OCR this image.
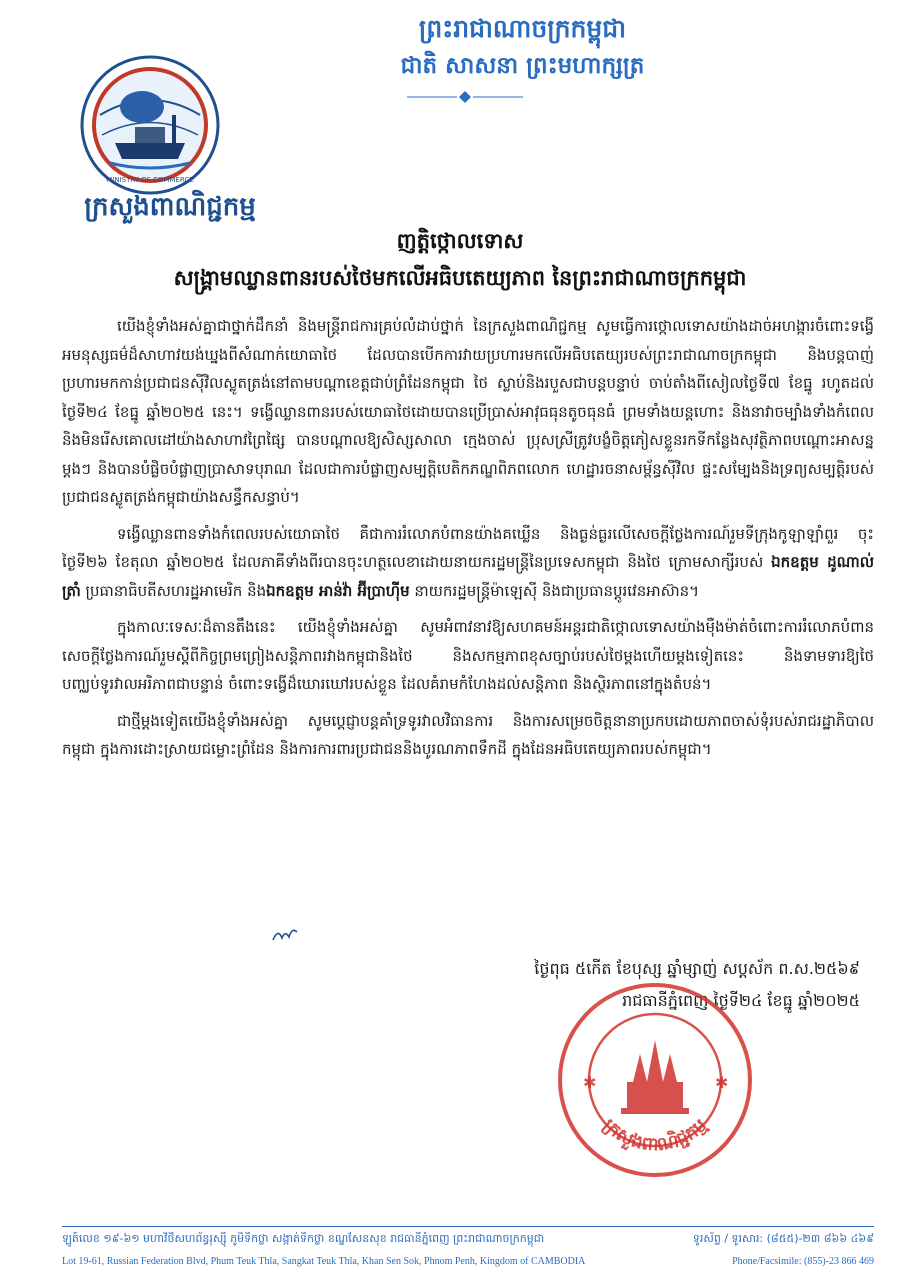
MINISTRY OF COMMERCE
ក្រសួងពាណិជ្ជកម្ម
ព្រះរាជាណាចក្រកម្ពុជា
ជាតិ សាសនា ព្រះមហាក្សត្រ
ញត្តិថ្កោលទោស
សង្គ្រាមឈ្លានពានរបស់ថៃមកលើអធិបតេយ្យភាព នៃព្រះរាជាណាចក្រកម្ពុជា

យើងខ្ញុំទាំងអស់គ្នាជាថ្នាក់ដឹកនាំ និងមន្ត្រីរាជការគ្រប់លំដាប់ថ្នាក់ នៃក្រសួងពាណិជ្ជកម្ម សូមធ្វើការថ្កោលទោសយ៉ាងដាច់អហង្ការចំពោះទង្វើអមនុស្សធម៌ដ៏សាហាវយង់ឃ្នងពីសំណាក់យោធាថៃ ដែលបានបើកការវាយប្រហារមកលើអធិបតេយ្យរបស់ព្រះរាជាណាចក្រកម្ពុជា និងបន្តបាញ់ប្រហារមកកាន់ប្រជាជនស៊ីវិលស្លូតត្រង់នៅតាមបណ្តាខេត្តជាប់ព្រំដែនកម្ពុជា ថៃ ស្លាប់និងរបួសជាបន្តបន្ទាប់ ចាប់តាំងពីសៀលថ្ងៃទី៧ ខែធ្នូ រហូតដល់ថ្ងៃទី២៤ ខែធ្នូ ឆ្នាំ២០២៥ នេះ។ ទង្វើឈ្លានពានរបស់យោធាថៃដោយបានប្រើប្រាស់អាវុធធុនតូចធុនធំ ព្រមទាំងយន្តហោះ និងនាវាចម្បាំងទាំងកំពេលនិងមិនរើសគោលដៅយ៉ាងសាហាវព្រៃផ្សៃ បានបណ្តាលឱ្យសិស្សសាលា ក្មេងចាស់ ប្រុសស្រីត្រូវបង្ខំចិត្តភៀសខ្លួនរកទីកន្លែងសុវត្ថិភាពបណ្តោះអាសន្នម្តងៗ និងបានបំផ្លិចបំផ្លាញប្រាសាទបុរាណ ដែលជាការបំផ្លាញសម្បត្តិបេតិកភណ្ឌពិភពលោក ហេដ្ឋារចនាសម្ព័ន្ធស៊ីវិល ផ្ទះសម្បែងនិងទ្រព្យសម្បត្តិរបស់ប្រជាជនស្លូតត្រង់កម្ពុជាយ៉ាងសន្ធឹកសន្ធាប់។

ទង្វើឈ្លានពានទាំងកំពេលរបស់យោធាថៃ គឺជាការរំលោភបំពានយ៉ាងគឃ្លើន និងធ្ងន់ធ្ងរលើសេចក្តីថ្លែងការណ៍រួមទីក្រុងកូឡាឡាំពួរ ចុះថ្ងៃទី២៦ ខែតុលា ឆ្នាំ២០២៥ ដែលភាគីទាំងពីរបានចុះហត្ថលេខាដោយនាយករដ្ឋមន្ត្រីនៃប្រទេសកម្ពុជា និងថៃ ក្រោមសាក្សីរបស់ ឯកឧត្តម ដូណាល់ ត្រាំ ប្រធានាធិបតីសហរដ្ឋអាមេរិក និងឯកឧត្តម អាន់វ៉ា អ៊ីប្រាហ៊ីម នាយករដ្ឋមន្ត្រីម៉ាឡេស៊ី និងជាប្រធានប្តូរវេនអាស៊ាន។

ក្នុងកាលៈទេសៈដ៏តានតឹងនេះ យើងខ្ញុំទាំងអស់គ្នា សូមអំពាវនាវឱ្យសហគមន៍អន្តរជាតិថ្កោលទោសយ៉ាងម៉ឺងម៉ាត់ចំពោះការរំលោភបំពាន សេចក្តីថ្លែងការណ៍រួមស្តីពីកិច្ចព្រមព្រៀងសន្តិភាពរវាងកម្ពុជានិងថៃ និងសកម្មភាពខុសច្បាប់របស់ថៃម្តងហើយម្តងទៀតនេះ និងទាមទារឱ្យថៃបញ្ឈប់ទូរវាលអរិភាពជាបន្ទាន់ ចំពោះទង្វើដ៏ឃោរឃៅរបស់ខ្លួន ដែលគំរាមកំហែងដល់សន្តិភាព និងស្ថិរភាពនៅក្នុងតំបន់។

ជាថ្មីម្តងទៀតយើងខ្ញុំទាំងអស់គ្នា សូមប្តេជ្ញាបន្តគាំទ្រទូរវាលវិធានការ និងការសម្រេចចិត្តនានាប្រកបដោយភាពចាស់ទុំរបស់រាជរដ្ឋាភិបាលកម្ពុជា ក្នុងការដោះស្រាយជម្លោះព្រំដែន និងការការពារប្រជាជននិងបូរណភាពទឹកដី ក្នុងដែនអធិបតេយ្យភាពរបស់កម្ពុជា។

ថ្ងៃពុធ ៥កើត ខែបុស្ស ឆ្នាំម្សាញ់ សប្តស័ក ព.ស.២៥៦៩
រាជធានីភ្នំពេញ ថ្ងៃទី២៤ ខែធ្នូ ឆ្នាំ២០២៥
✱	✱
ក្រសួងពាណិជ្ជកម្ម
ឡូត៍លេខ ១៩-៦១ មហាវិថីសហព័ន្ធរុស្ស៊ី ភូមិទឹកថ្លា សង្កាត់ទឹកថ្លា ខណ្ឌសែនសុខ រាជធានីភ្នំពេញ ព្រះរាជាណាចក្រកម្ពុជា	ទូរស័ព្ទ / ទូរសារ: (៨៥៥)-២៣ ៨៦៦ ៤៦៩
Lot 19-61, Russian Federation Blvd, Phum Teuk Thla, Sangkat Teuk Thla, Khan Sen Sok, Phnom Penh, Kingdom of CAMBODIA	Phone/Facsimile: (855)-23 866 469
